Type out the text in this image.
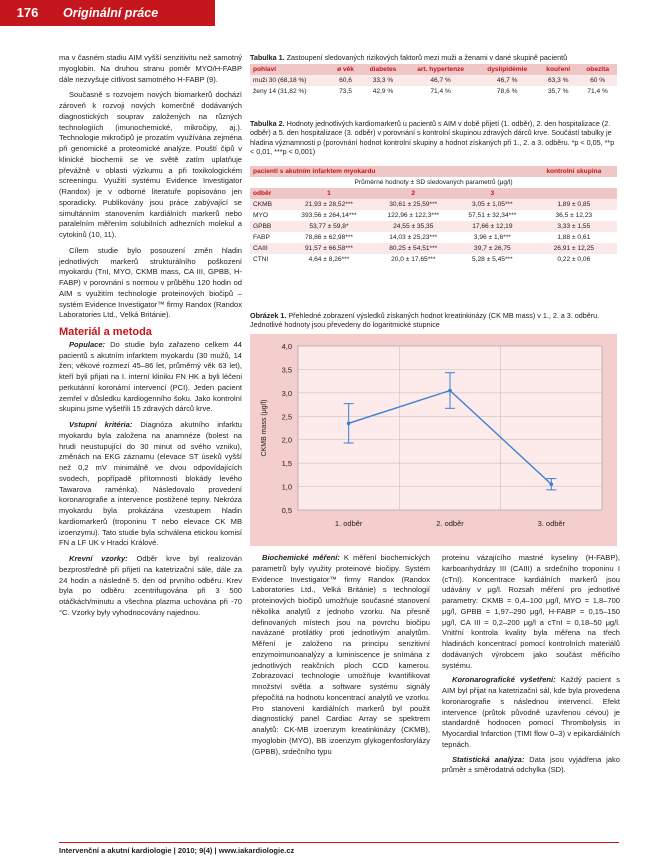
176	Originální práce

ma v časném stadiu AIM vyšší senzitivitu než samotný myoglobin. Na druhou stranu poměr MYO/H-FABP dále nezvyšuje citlivost samotného H-FABP (9).

Současně s rozvojem nových biomarkerů dochází zároveň k rozvoji nových komerčně dodávaných diagnostických souprav založených na různých technologiích (imunochemické, mikročipy, aj.). Technologie mikročipů je prozatím využívána zejména při genomické a proteomické analýze. Pouští čipů v klinické biochemii se ve světě zatím uplatňuje převážně v oblasti výzkumu a při toxikologickém screeningu. Využití systému Evidence Investigator (Randox) je v odborné literatuře popisováno jen sporadicky. Publikovány jsou práce zabývající se simultánním stanovením kardiálních markerů nebo paralelním měřením solubilních adhezních molekul a cytokinů (10, 11).

Cílem studie bylo posouzení změn hladin jednotlivých markerů strukturálního poškození myokardu (TnI, MYO, CKMB mass, CA III, GPBB, H-FABP) v porovnání s normou v průběhu 120 hodin od AIM s využitím technologie proteinových biočipů – systém Evidence Investigator™ firmy Randox (Randox Laboratories Ltd., Velká Británie).

Materiál a metoda

Populace: Do studie bylo zařazeno celkem 44 pacientů s akutním infarktem myokardu (30 mužů, 14 žen; věkové rozmezí 45–86 let, průměrný věk 63 let), kteří byli přijati na I. interní kliniku FN HK a byli léčeni perkutánní koronární intervencí (PCI). Jeden pacient zemřel v důsledku kardiogenního šoku. Jako kontrolní skupinu jsme vyšetřili 15 zdravých dárců krve.

Vstupní kritéria: Diagnóza akutního infarktu myokardu byla založena na anamnéze (bolest na hrudi neustupující do 30 minut od svého vzniku), změnách na EKG záznamu (elevace ST úseků vyšší než 0,2 mV minimálně ve dvou odpovídajících svodech, popřípadě přítomnosti blokády levého Tawarova raménka). Následovalo provedení koronarografie a intervence postižené tepny. Nekróza myokardu byla prokázána vzestupem hladin kardiomarkerů (troponinu T nebo elevace CK MB izoenzymu). Tato studie byla schválena etickou komisí FN a LF UK v Hradci Králové.

Krevní vzorky: Odběr krve byl realizován bezprostředně při přijetí na katetrizační sále, dále za 24 hodin a následně 5. den od prvního odběru. Krev byla po odběru zcentrifugována při 3 500 otáčkách/minutu a všechna plazma uchována při -70 °C. Vzorky byly vyhodnocovány najednou.

Tabulka 1. Zastoupení sledovaných rizikových faktorů mezi muži a ženami v dané skupině pacientů
pohlaví	ø věk	diabetes	art. hypertenze	dyslipidémie	kouření	obezita
muži 30 (68,18 %)	60,6	33,3 %	46,7 %	46,7 %	63,3 %	60 %
ženy 14 (31,82 %)	73,5	42,9 %	71,4 %	78,6 %	35,7 %	71,4 %
Tabulka 2. Hodnoty jednotlivých kardiomarkerů u pacientů s AIM v době přijetí (1. odběr), 2. den hospitalizace (2. odběr) a 5. den hospitalizace (3. odběr) v porovnání s kontrolní skupinou zdravých dárců krve. Součástí tabulky je hladina významnosti p (porovnání hodnot kontrolní skupiny a hodnot získaných při 1., 2. a 3. odběru. *p < 0,05, **p < 0,01, ***p < 0,001)
pacienti s akutním infarktem myokardu				kontrolní skupina
Průměrné hodnoty ± SD sledovaných parametrů (μg/l)				
odběr	1	2	3	
CKMB	21,93 ± 28,52***	30,61 ± 25,59***	3,05 ± 1,05***	1,89 ± 0,85
MYO	393,56 ± 264,14***	122,96 ± 122,3***	57,51 ± 32,34***	36,5 ± 12,23
GPBB	53,77 ± 59,8*	24,55 ± 35,35	17,66 ± 12,19	3,33 ± 1,55
FABP	78,86 ± 62,98***	14,03 ± 25,23***	3,96 ± 1,6***	1,88 ± 0,61
CAIII	91,57 ± 66,58***	80,25 ± 54,51***	39,7 ± 26,75	26,91 ± 12,25
CTNI	4,64 ± 8,26***	20,0 ± 17,65***	5,28 ± 5,45***	0,22 ± 0,06
Obrázek 1. Přehledné zobrazení výsledků získaných hodnot kreatinkinázy (CK MB mass) v 1., 2. a 3. odběru. Jednotlivé hodnoty jsou převedeny do logaritmické stupnice
0,5
1,0
1,5
2,0
2,5
3,0
3,5
4,0
CKMB mass (μg/l)
1. odběr	2. odběr	3. odběr

Biochemické měření: K měření biochemických parametrů byly využity proteinové biočipy. Systém Evidence Investigator™ firmy Randox (Randox Laboratories Ltd., Velká Británie) s technologií proteinových biočipů umožňuje současné stanovení několika analytů z jednoho vzorku. Na přesně definovaných místech jsou na povrchu biočipu navázané protilátky proti jednotlivým analytům. Měření je založeno na principu senzitivní enzymoimunoanalýzy a luminiscence je snímána z jednotlivých reakčních ploch CCD kamerou. Zobrazovací technologie umožňuje kvantifikovat množství světla a software systému signály přepočítá na hodnotu koncentrací analytů ve vzorku. Pro stanovení kardiálních markerů byl použit diagnostický panel Cardiac Array se spektrem analytů: CK-MB izoenzym kreatinkinázy (CKMB), myoglobin (MYO), BB izoenzym glykogenfosforylázy (GPBB), srdečního typu

proteinu vázajícího mastné kyseliny (H-FABP), karboanhydrázy III (CAIII) a srdečního troponinu I (cTnI). Koncentrace kardiálních markerů jsou udávány v μg/l. Rozsah měření pro jednotlivé parametry: CKMB = 0,4–100 μg/l, MYO = 1,8–700 μg/l, GPBB = 1,97–290 μg/l, H-FABP = 0,15–150 μg/l, CA III = 0,2–200 μg/l a cTnI = 0,18–50 μg/l. Vnitřní kontrola kvality byla měřena na třech hladinách koncentrací pomocí kontrolních materiálů dodávaných výrobcem jako součást měřicího systému.

Koronarografické vyšetření: Každý pacient s AIM byl přijat na katetrizační sál, kde byla provedena koronarografie s následnou intervencí. Efekt intervence (průtok původně uzavřenou cévou) je standardně hodnocen pomocí Thrombolysis in Myocardial Infarction (TIMI flow 0–3) v epikardiálních tepnách.

Statistická analýza: Data jsou vyjádřena jako průměr ± směrodatná odchylka (SD).

Intervenční a akutní kardiologie | 2010; 9(4) | www.iakardiologie.cz
